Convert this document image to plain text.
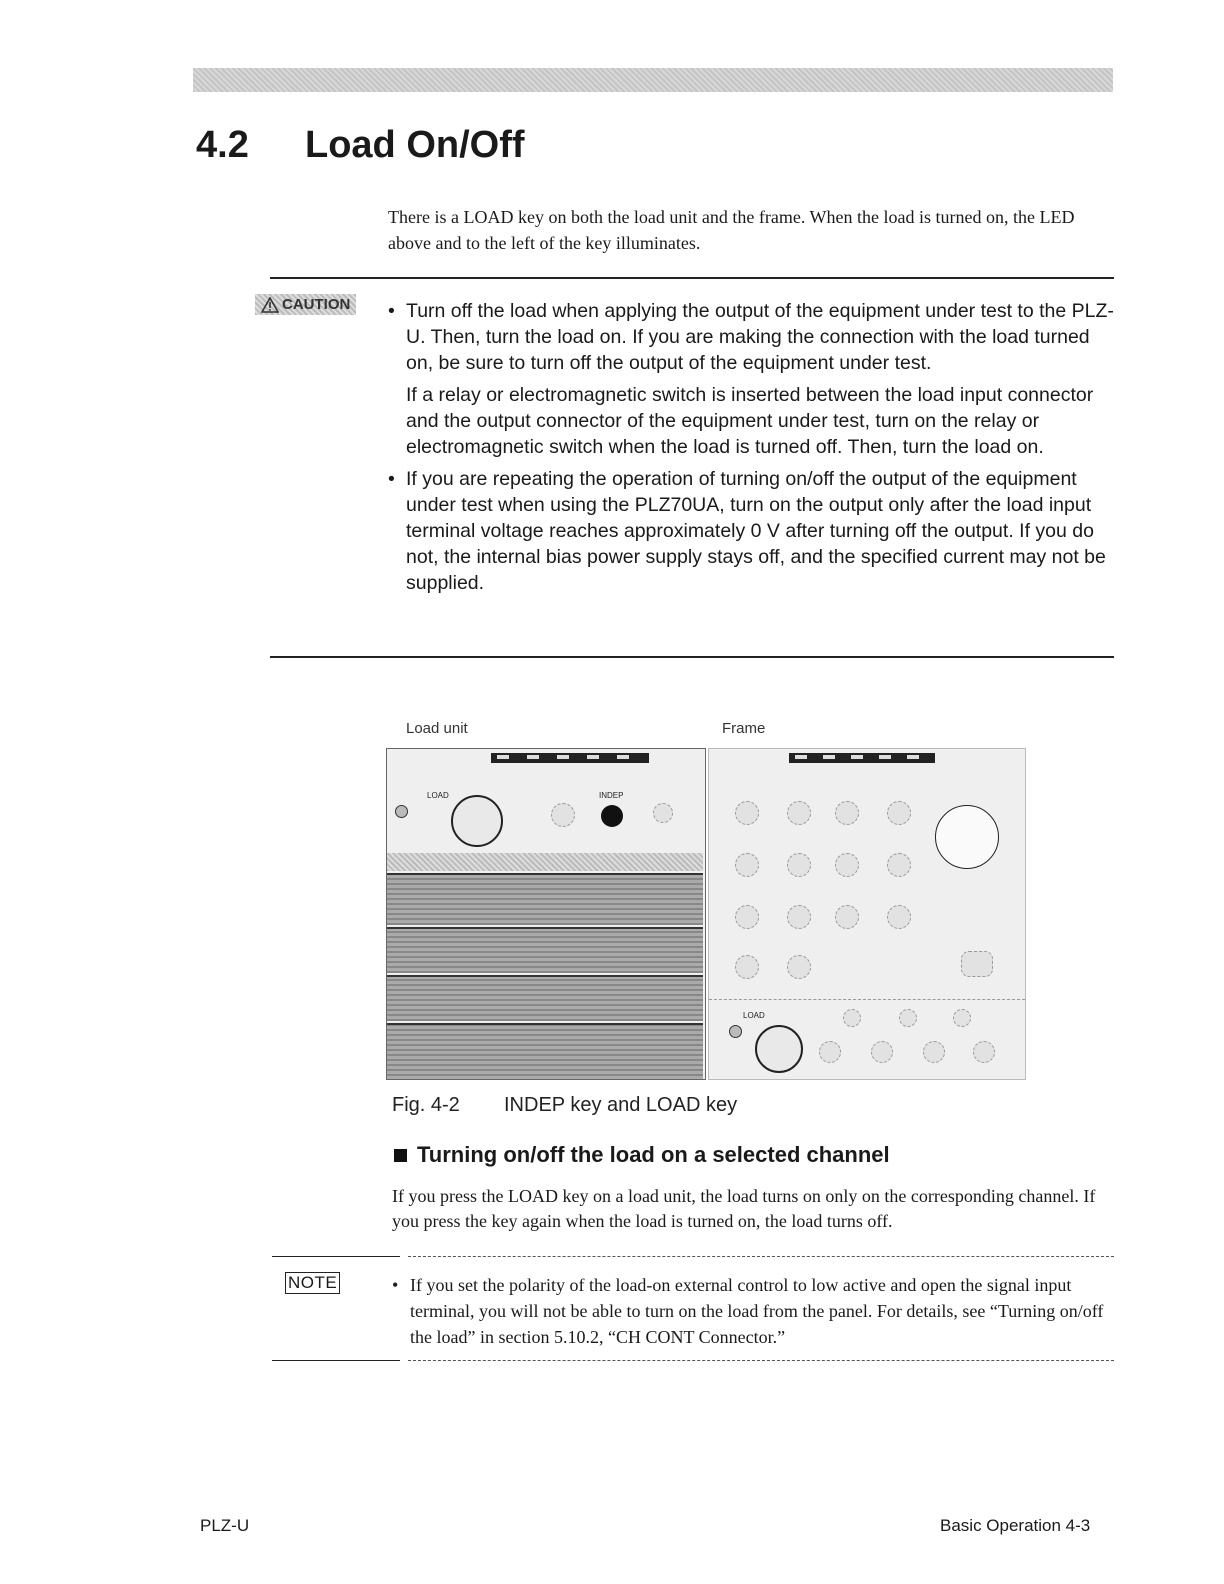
4.2 Load On/Off
There is a LOAD key on both the load unit and the frame. When the load is turned on, the LED above and to the left of the key illuminates.
CAUTION • Turn off the load when applying the output of the equipment under test to the PLZ-U. Then, turn the load on. If you are making the connection with the load turned on, be sure to turn off the output of the equipment under test.

If a relay or electromagnetic switch is inserted between the load input connector and the output connector of the equipment under test, turn on the relay or electromagnetic switch when the load is turned off. Then, turn the load on.

• If you are repeating the operation of turning on/off the output of the equipment under test when using the PLZ70UA, turn on the output only after the load input terminal voltage reaches approximately 0 V after turning off the output. If you do not, the internal bias power supply stays off, and the specified current may not be supplied.
Load unit	Frame
LOAD	INDEP
LOAD
Fig. 4-2 INDEP key and LOAD key
Turning on/off the load on a selected channel
If you press the LOAD key on a load unit, the load turns on only on the corresponding channel. If you press the key again when the load is turned on, the load turns off.
NOTE	• If you set the polarity of the load-on external control to low active and open the signal input terminal, you will not be able to turn on the load from the panel. For details, see “Turning on/off the load” in section 5.10.2, “CH CONT Connector.”
PLZ-U	Basic Operation 4-3
